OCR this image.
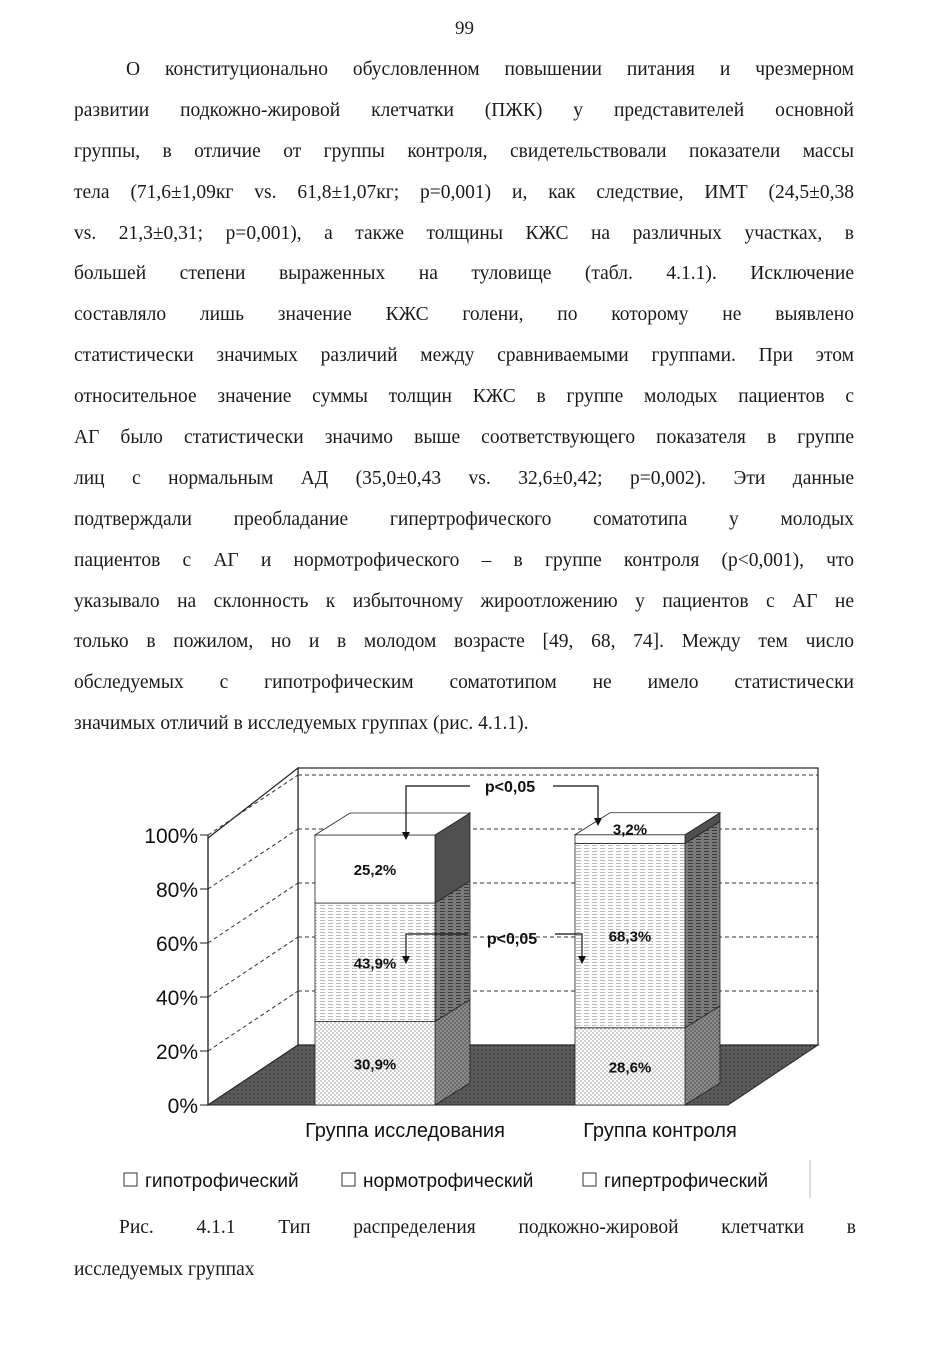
99
О конституционально обусловленном повышении питания и чрезмерном
развитии подкожно-жировой клетчатки (ПЖК) у представителей основной
группы, в отличие от группы контроля, свидетельствовали показатели массы
тела (71,6±1,09кг vs. 61,8±1,07кг; р=0,001) и, как следствие, ИМТ (24,5±0,38
vs. 21,3±0,31; р=0,001), а также толщины КЖС на различных участках, в
большей степени выраженных на туловище (табл. 4.1.1). Исключение
составляло лишь значение КЖС голени, по которому не выявлено
статистически значимых различий между сравниваемыми группами. При этом
относительное значение суммы толщин КЖС в группе молодых пациентов с
АГ было статистически значимо выше соответствующего показателя в группе
лиц с нормальным АД (35,0±0,43 vs. 32,6±0,42; р=0,002). Эти данные
подтверждали преобладание гипертрофического соматотипа у молодых
пациентов с АГ и нормотрофического – в группе контроля (р<0,001), что
указывало на склонность к избыточному жироотложению у пациентов с АГ не
только в пожилом, но и в молодом возрасте [49, 68, 74]. Между тем число
обследуемых с гипотрофическим соматотипом не имело статистически
значимых отличий в исследуемых группах (рис. 4.1.1).
0%
20%
40%
60%
80%
100%
Группа исследования	Группа контроля
30,9%
43,9%
25,2%
28,6%
68,3%
3,2%
p<0,05
p<0,05
гипотрофический	нормотрофический	гипертрофический
Рис. 4.1.1 Тип распределения подкожно-жировой клетчатки в
исследуемых группах
